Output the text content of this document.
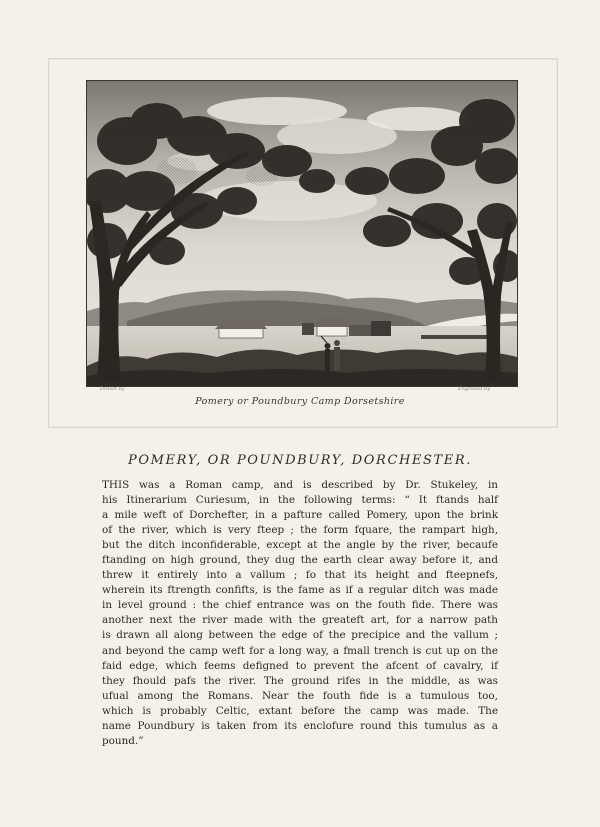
Drawn by	Engraved by
Pomery or Poundbury Camp Dorsetshire
POMERY, OR POUNDBURY, DORCHESTER.
THIS was a Roman camp, and is described by Dr. Stukeley, in
his Itinerarium Curiesum, in the following terms: “ It ftands half
a mile weft of Dorchefter, in a pafture called Pomery, upon the brink
of the river, which is very fteep ; the form fquare, the rampart high,
but the ditch inconfiderable, except at the angle by the river, becaufe
ftanding on high ground, they dug the earth clear away before it, and
threw it entirely into a vallum ; fo that its height and fteepnefs,
wherein its ftrength confifts, is the fame as if a regular ditch was made
in level ground : the chief entrance was on the fouth fide. There was
another next the river made with the greateft art, for a narrow path
is drawn all along between the edge of the precipice and the vallum ;
and beyond the camp weft for a long way, a fmall trench is cut up on the
faid edge, which feems defigned to prevent the afcent of cavalry, if
they fhould pafs the river. The ground rifes in the middle, as was
ufual among the Romans. Near the fouth fide is a tumulous too,
which is probably Celtic, extant before the camp was made. The
name Poundbury is taken from its enclofure round this tumulus as a
pound.”
